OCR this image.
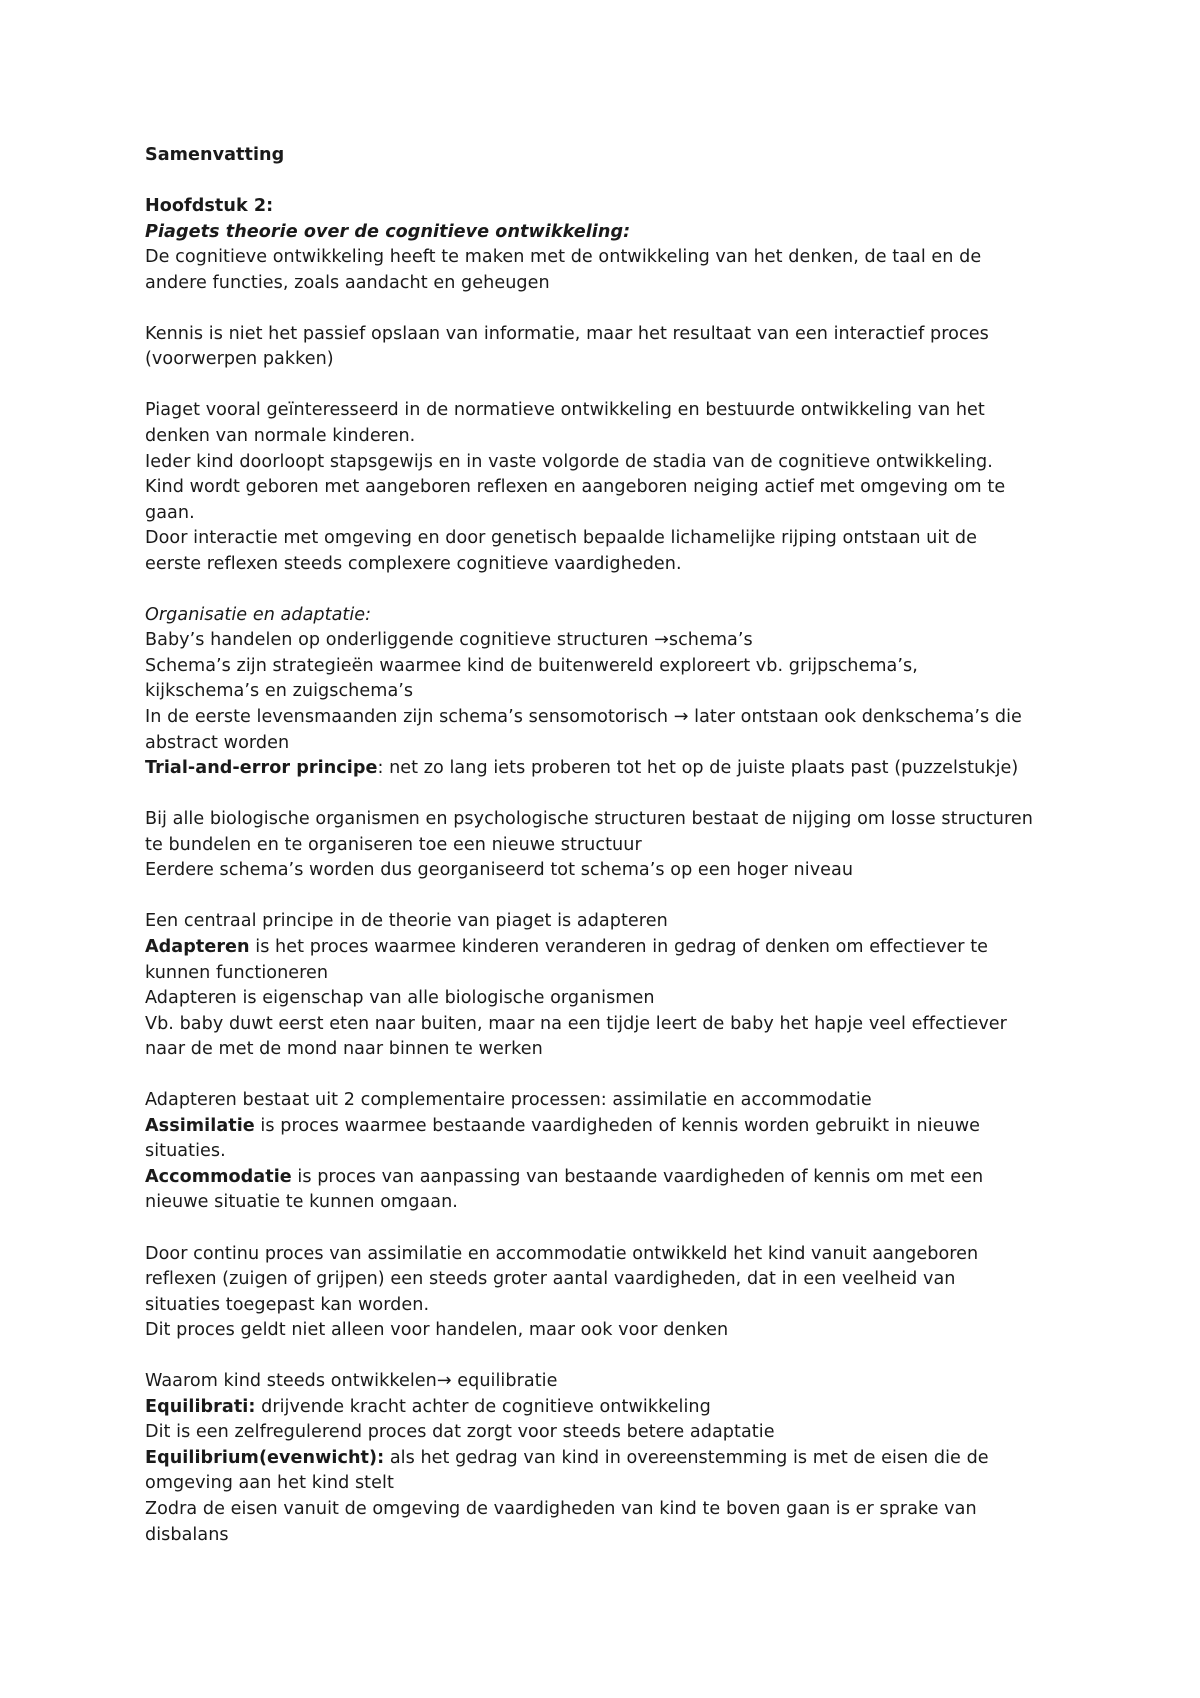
Samenvatting
Hoofdstuk 2:
Piagets theorie over de cognitieve ontwikkeling:
De cognitieve ontwikkeling heeft te maken met de ontwikkeling van het denken, de taal en de
andere functies, zoals aandacht en geheugen
Kennis is niet het passief opslaan van informatie, maar het resultaat van een interactief proces
(voorwerpen pakken)
Piaget vooral geïnteresseerd in de normatieve ontwikkeling en bestuurde ontwikkeling van het
denken van normale kinderen.
Ieder kind doorloopt stapsgewijs en in vaste volgorde de stadia van de cognitieve ontwikkeling.
Kind wordt geboren met aangeboren reflexen en aangeboren neiging actief met omgeving om te
gaan.
Door interactie met omgeving en door genetisch bepaalde lichamelijke rijping ontstaan uit de
eerste reflexen steeds complexere cognitieve vaardigheden.
Organisatie en adaptatie:
Baby’s handelen op onderliggende cognitieve structuren →schema’s
Schema’s zijn strategieën waarmee kind de buitenwereld exploreert vb. grijpschema’s,
kijkschema’s en zuigschema’s
In de eerste levensmaanden zijn schema’s sensomotorisch → later ontstaan ook denkschema’s die
abstract worden
Trial-and-error principe: net zo lang iets proberen tot het op de juiste plaats past (puzzelstukje)
Bij alle biologische organismen en psychologische structuren bestaat de nijging om losse structuren
te bundelen en te organiseren toe een nieuwe structuur
Eerdere schema’s worden dus georganiseerd tot schema’s op een hoger niveau
Een centraal principe in de theorie van piaget is adapteren
Adapteren is het proces waarmee kinderen veranderen in gedrag of denken om effectiever te
kunnen functioneren
Adapteren is eigenschap van alle biologische organismen
Vb. baby duwt eerst eten naar buiten, maar na een tijdje leert de baby het hapje veel effectiever
naar de met de mond naar binnen te werken
Adapteren bestaat uit 2 complementaire processen: assimilatie en accommodatie
Assimilatie is proces waarmee bestaande vaardigheden of kennis worden gebruikt in nieuwe
situaties.
Accommodatie is proces van aanpassing van bestaande vaardigheden of kennis om met een
nieuwe situatie te kunnen omgaan.
Door continu proces van assimilatie en accommodatie ontwikkeld het kind vanuit aangeboren
reflexen (zuigen of grijpen) een steeds groter aantal vaardigheden, dat in een veelheid van
situaties toegepast kan worden.
Dit proces geldt niet alleen voor handelen, maar ook voor denken
Waarom kind steeds ontwikkelen→ equilibratie
Equilibrati: drijvende kracht achter de cognitieve ontwikkeling
Dit is een zelfregulerend proces dat zorgt voor steeds betere adaptatie
Equilibrium(evenwicht): als het gedrag van kind in overeenstemming is met de eisen die de
omgeving aan het kind stelt
Zodra de eisen vanuit de omgeving de vaardigheden van kind te boven gaan is er sprake van
disbalans
